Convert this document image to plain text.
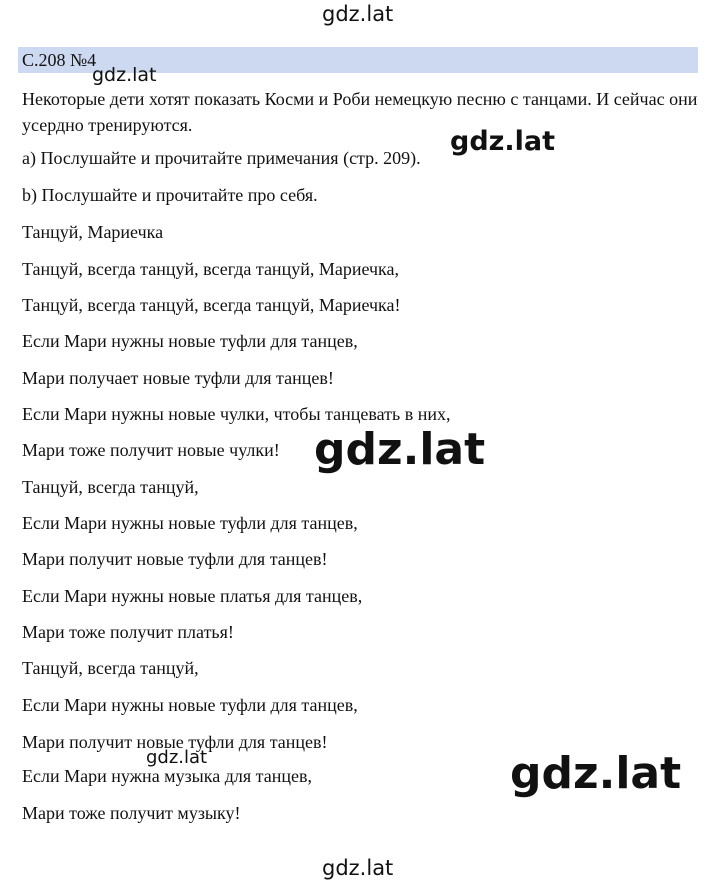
gdz.lat
С.208 №4
Некоторые дети хотят показать Косми и Роби немецкую песню с танцами. И сейчас они усердно тренируются.
а) Послушайте и прочитайте примечания (стр. 209).
b) Послушайте и прочитайте про себя.
Танцуй, Мариечка
Танцуй, всегда танцуй, всегда танцуй, Мариечка,
Танцуй, всегда танцуй, всегда танцуй, Мариечка!
Если Мари нужны новые туфли для танцев,
Мари получает новые туфли для танцев!
Если Мари нужны новые чулки, чтобы танцевать в них,
Мари тоже получит новые чулки!
Танцуй, всегда танцуй,
Если Мари нужны новые туфли для танцев,
Мари получит новые туфли для танцев!
Если Мари нужны новые платья для танцев,
Мари тоже получит платья!
Танцуй, всегда танцуй,
Если Мари нужны новые туфли для танцев,
Мари получит новые туфли для танцев!
Если Мари нужна музыка для танцев,
Мари тоже получит музыку!
gdz.lat
gdz.lat
gdz.lat
gdz.lat	gdz.lat
gdz.lat
